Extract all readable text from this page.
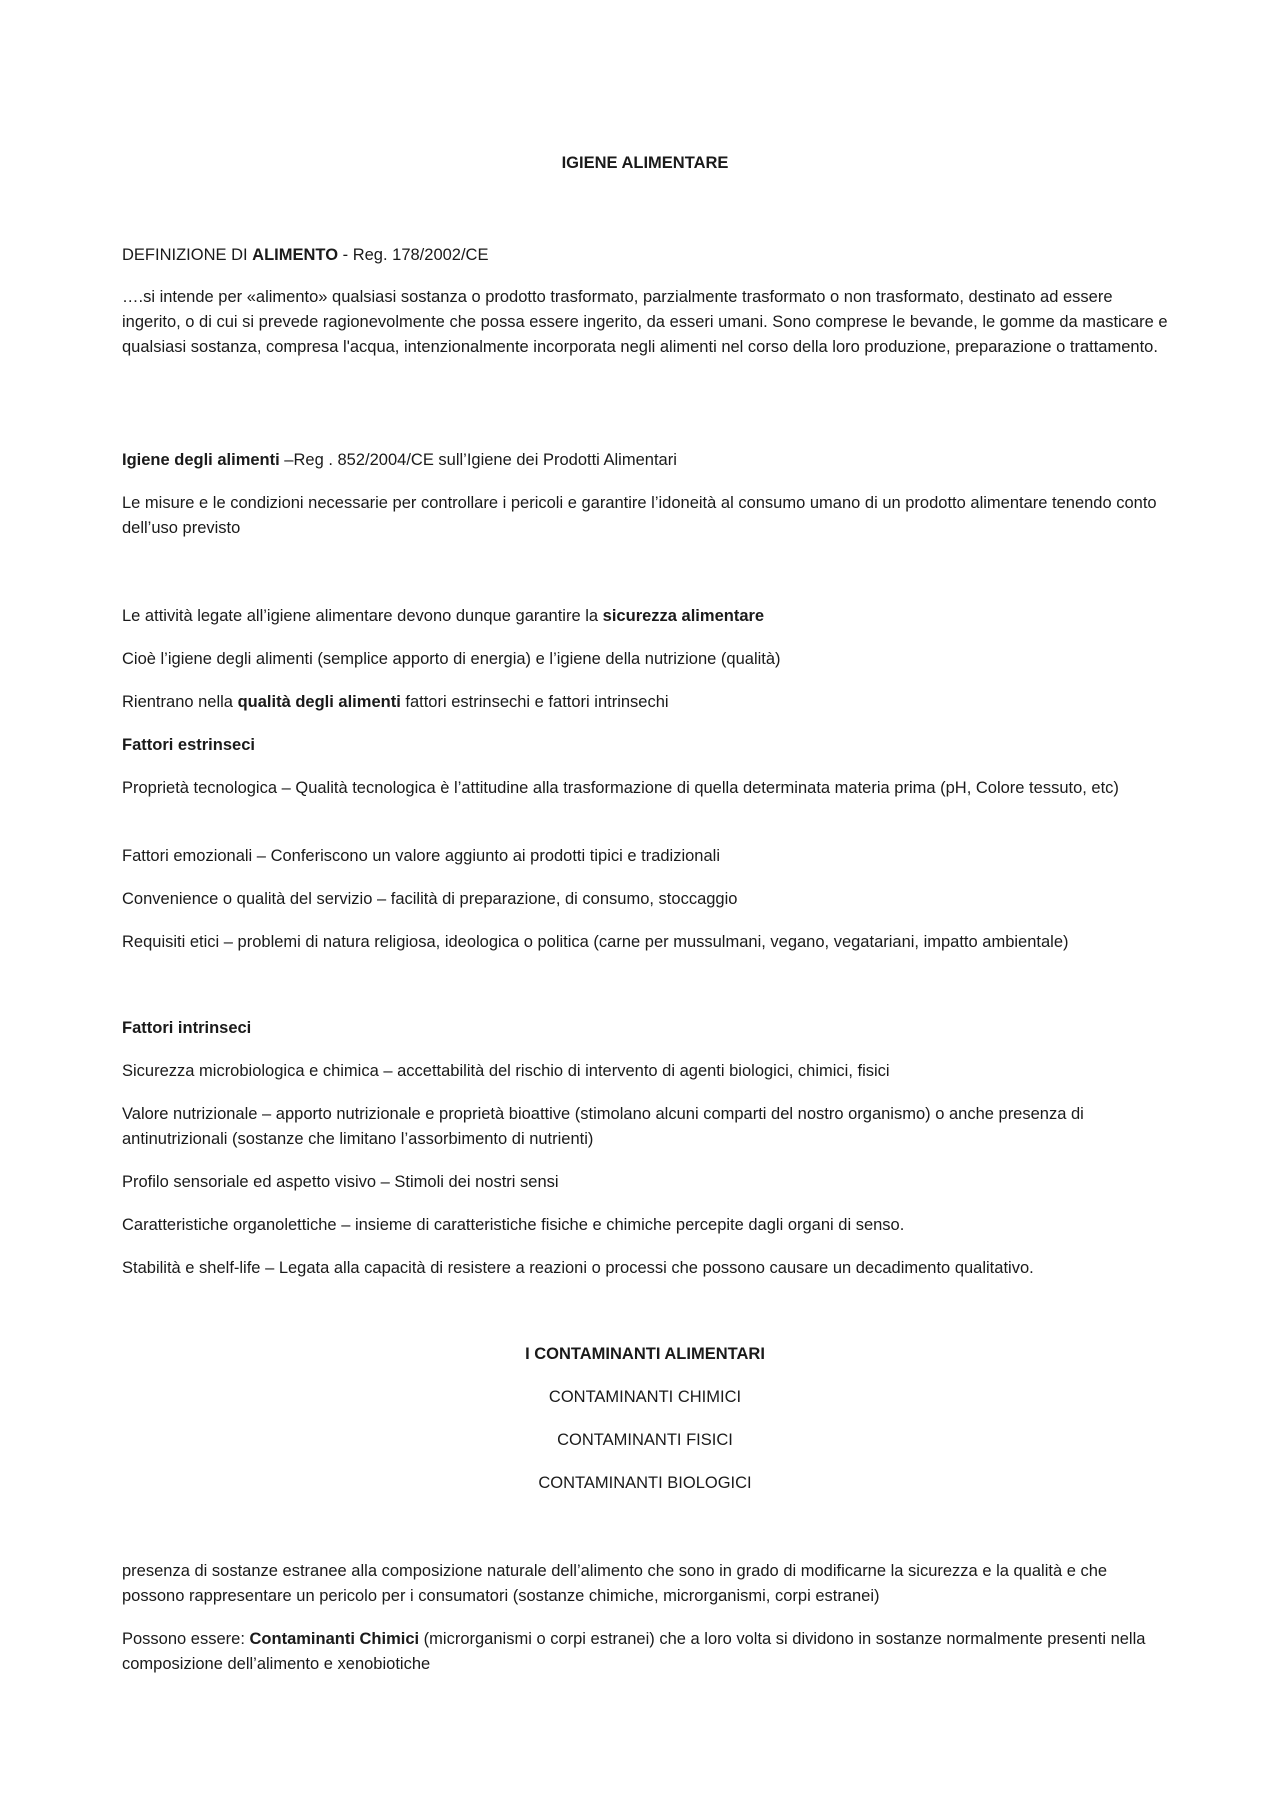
IGIENE ALIMENTARE

DEFINIZIONE DI ALIMENTO - Reg. 178/2002/CE

….si intende per «alimento» qualsiasi sostanza o prodotto trasformato, parzialmente trasformato o non trasformato, destinato ad essere ingerito, o di cui si prevede ragionevolmente che possa essere ingerito, da esseri umani. Sono comprese le bevande, le gomme da masticare e qualsiasi sostanza, compresa l'acqua, intenzionalmente incorporata negli alimenti nel corso della loro produzione, preparazione o trattamento.

Igiene degli alimenti –Reg . 852/2004/CE sull’Igiene dei Prodotti Alimentari

Le misure e le condizioni necessarie per controllare i pericoli e garantire l’idoneità al consumo umano di un prodotto alimentare tenendo conto dell’uso previsto

Le attività legate all’igiene alimentare devono dunque garantire la sicurezza alimentare

Cioè l’igiene degli alimenti (semplice apporto di energia) e l’igiene della nutrizione (qualità)

Rientrano nella qualità degli alimenti fattori estrinsechi e fattori intrinsechi

Fattori estrinseci

Proprietà tecnologica – Qualità tecnologica è l’attitudine alla trasformazione di quella determinata materia prima (pH, Colore tessuto, etc)

Fattori emozionali – Conferiscono un valore aggiunto ai prodotti tipici e tradizionali

Convenience o qualità del servizio – facilità di preparazione, di consumo, stoccaggio

Requisiti etici – problemi di natura religiosa, ideologica o politica (carne per mussulmani, vegano, vegatariani, impatto ambientale)

Fattori intrinseci

Sicurezza microbiologica e chimica – accettabilità del rischio di intervento di agenti biologici, chimici, fisici

Valore nutrizionale – apporto nutrizionale e proprietà bioattive (stimolano alcuni comparti del nostro organismo) o anche presenza di antinutrizionali (sostanze che limitano l’assorbimento di nutrienti)

Profilo sensoriale ed aspetto visivo – Stimoli dei nostri sensi

Caratteristiche organolettiche – insieme di caratteristiche fisiche e chimiche percepite dagli organi di senso.

Stabilità e shelf-life – Legata alla capacità di resistere a reazioni o processi che possono causare un decadimento qualitativo.

I CONTAMINANTI ALIMENTARI
CONTAMINANTI CHIMICI
CONTAMINANTI FISICI
CONTAMINANTI BIOLOGICI

presenza di sostanze estranee alla composizione naturale dell’alimento che sono in grado di modificarne la sicurezza e la qualità e che possono rappresentare un pericolo per i consumatori (sostanze chimiche, microrganismi, corpi estranei)

Possono essere: Contaminanti Chimici (microrganismi o corpi estranei) che a loro volta si dividono in sostanze normalmente presenti nella composizione dell’alimento e xenobiotiche
